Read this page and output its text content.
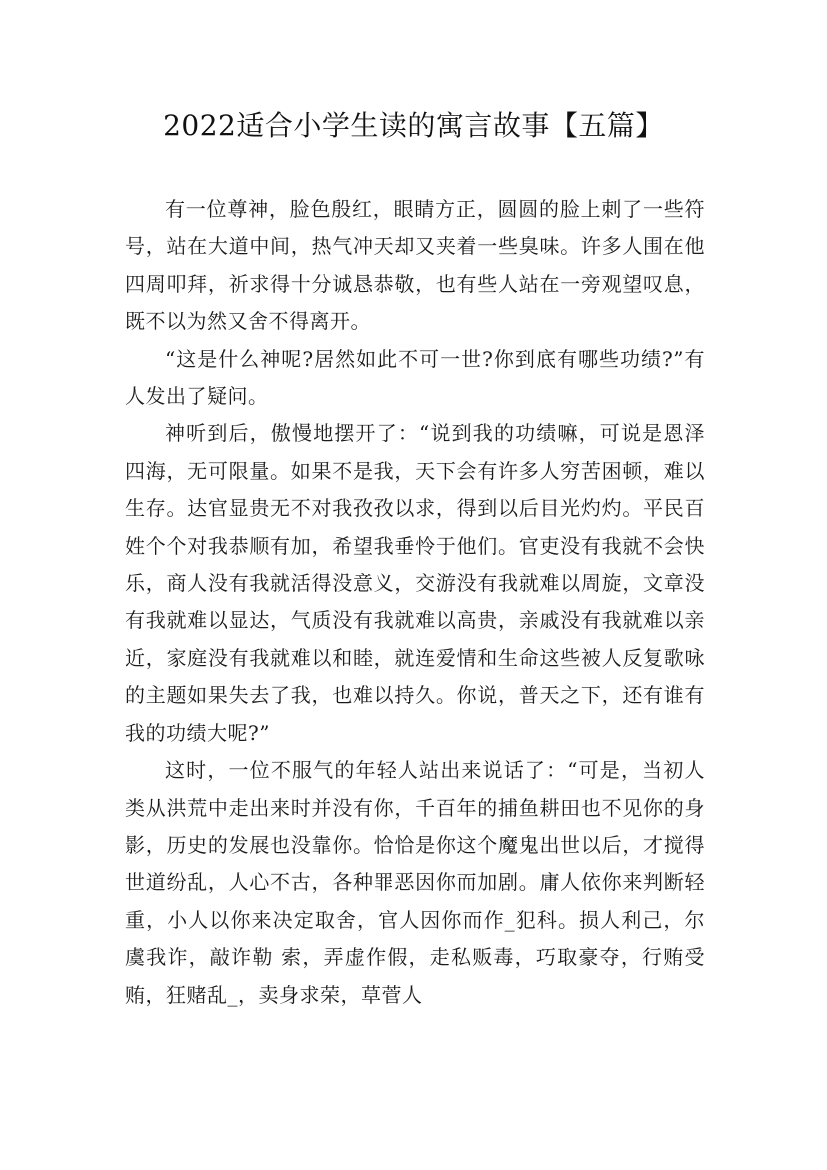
2022适合小学生读的寓言故事【五篇】

有一位尊神，脸色殷红，眼睛方正，圆圆的脸上刺了一些符号，站在大道中间，热气冲天却又夹着一些臭味。许多人围在他四周叩拜，祈求得十分诚恳恭敬，也有些人站在一旁观望叹息，既不以为然又舍不得离开。

“这是什么神呢?居然如此不可一世?你到底有哪些功绩?”有人发出了疑问。

神听到后，傲慢地摆开了：“说到我的功绩嘛，可说是恩泽四海，无可限量。如果不是我，天下会有许多人穷苦困顿，难以生存。达官显贵无不对我孜孜以求，得到以后目光灼灼。平民百姓个个对我恭顺有加，希望我垂怜于他们。官吏没有我就不会快乐，商人没有我就活得没意义，交游没有我就难以周旋，文章没有我就难以显达，气质没有我就难以高贵，亲戚没有我就难以亲近，家庭没有我就难以和睦，就连爱情和生命这些被人反复歌咏的主题如果失去了我，也难以持久。你说，普天之下，还有谁有我的功绩大呢?”

这时，一位不服气的年轻人站出来说话了：“可是，当初人类从洪荒中走出来时并没有你，千百年的捕鱼耕田也不见你的身影，历史的发展也没靠你。恰恰是你这个魔鬼出世以后，才搅得世道纷乱，人心不古，各种罪恶因你而加剧。庸人依你来判断轻重，小人以你来决定取舍，官人因你而作_犯科。损人利己，尔虞我诈，敲诈勒 索，弄虚作假，走私贩毒，巧取豪夺，行贿受贿，狂赌乱_，卖身求荣，草菅人
